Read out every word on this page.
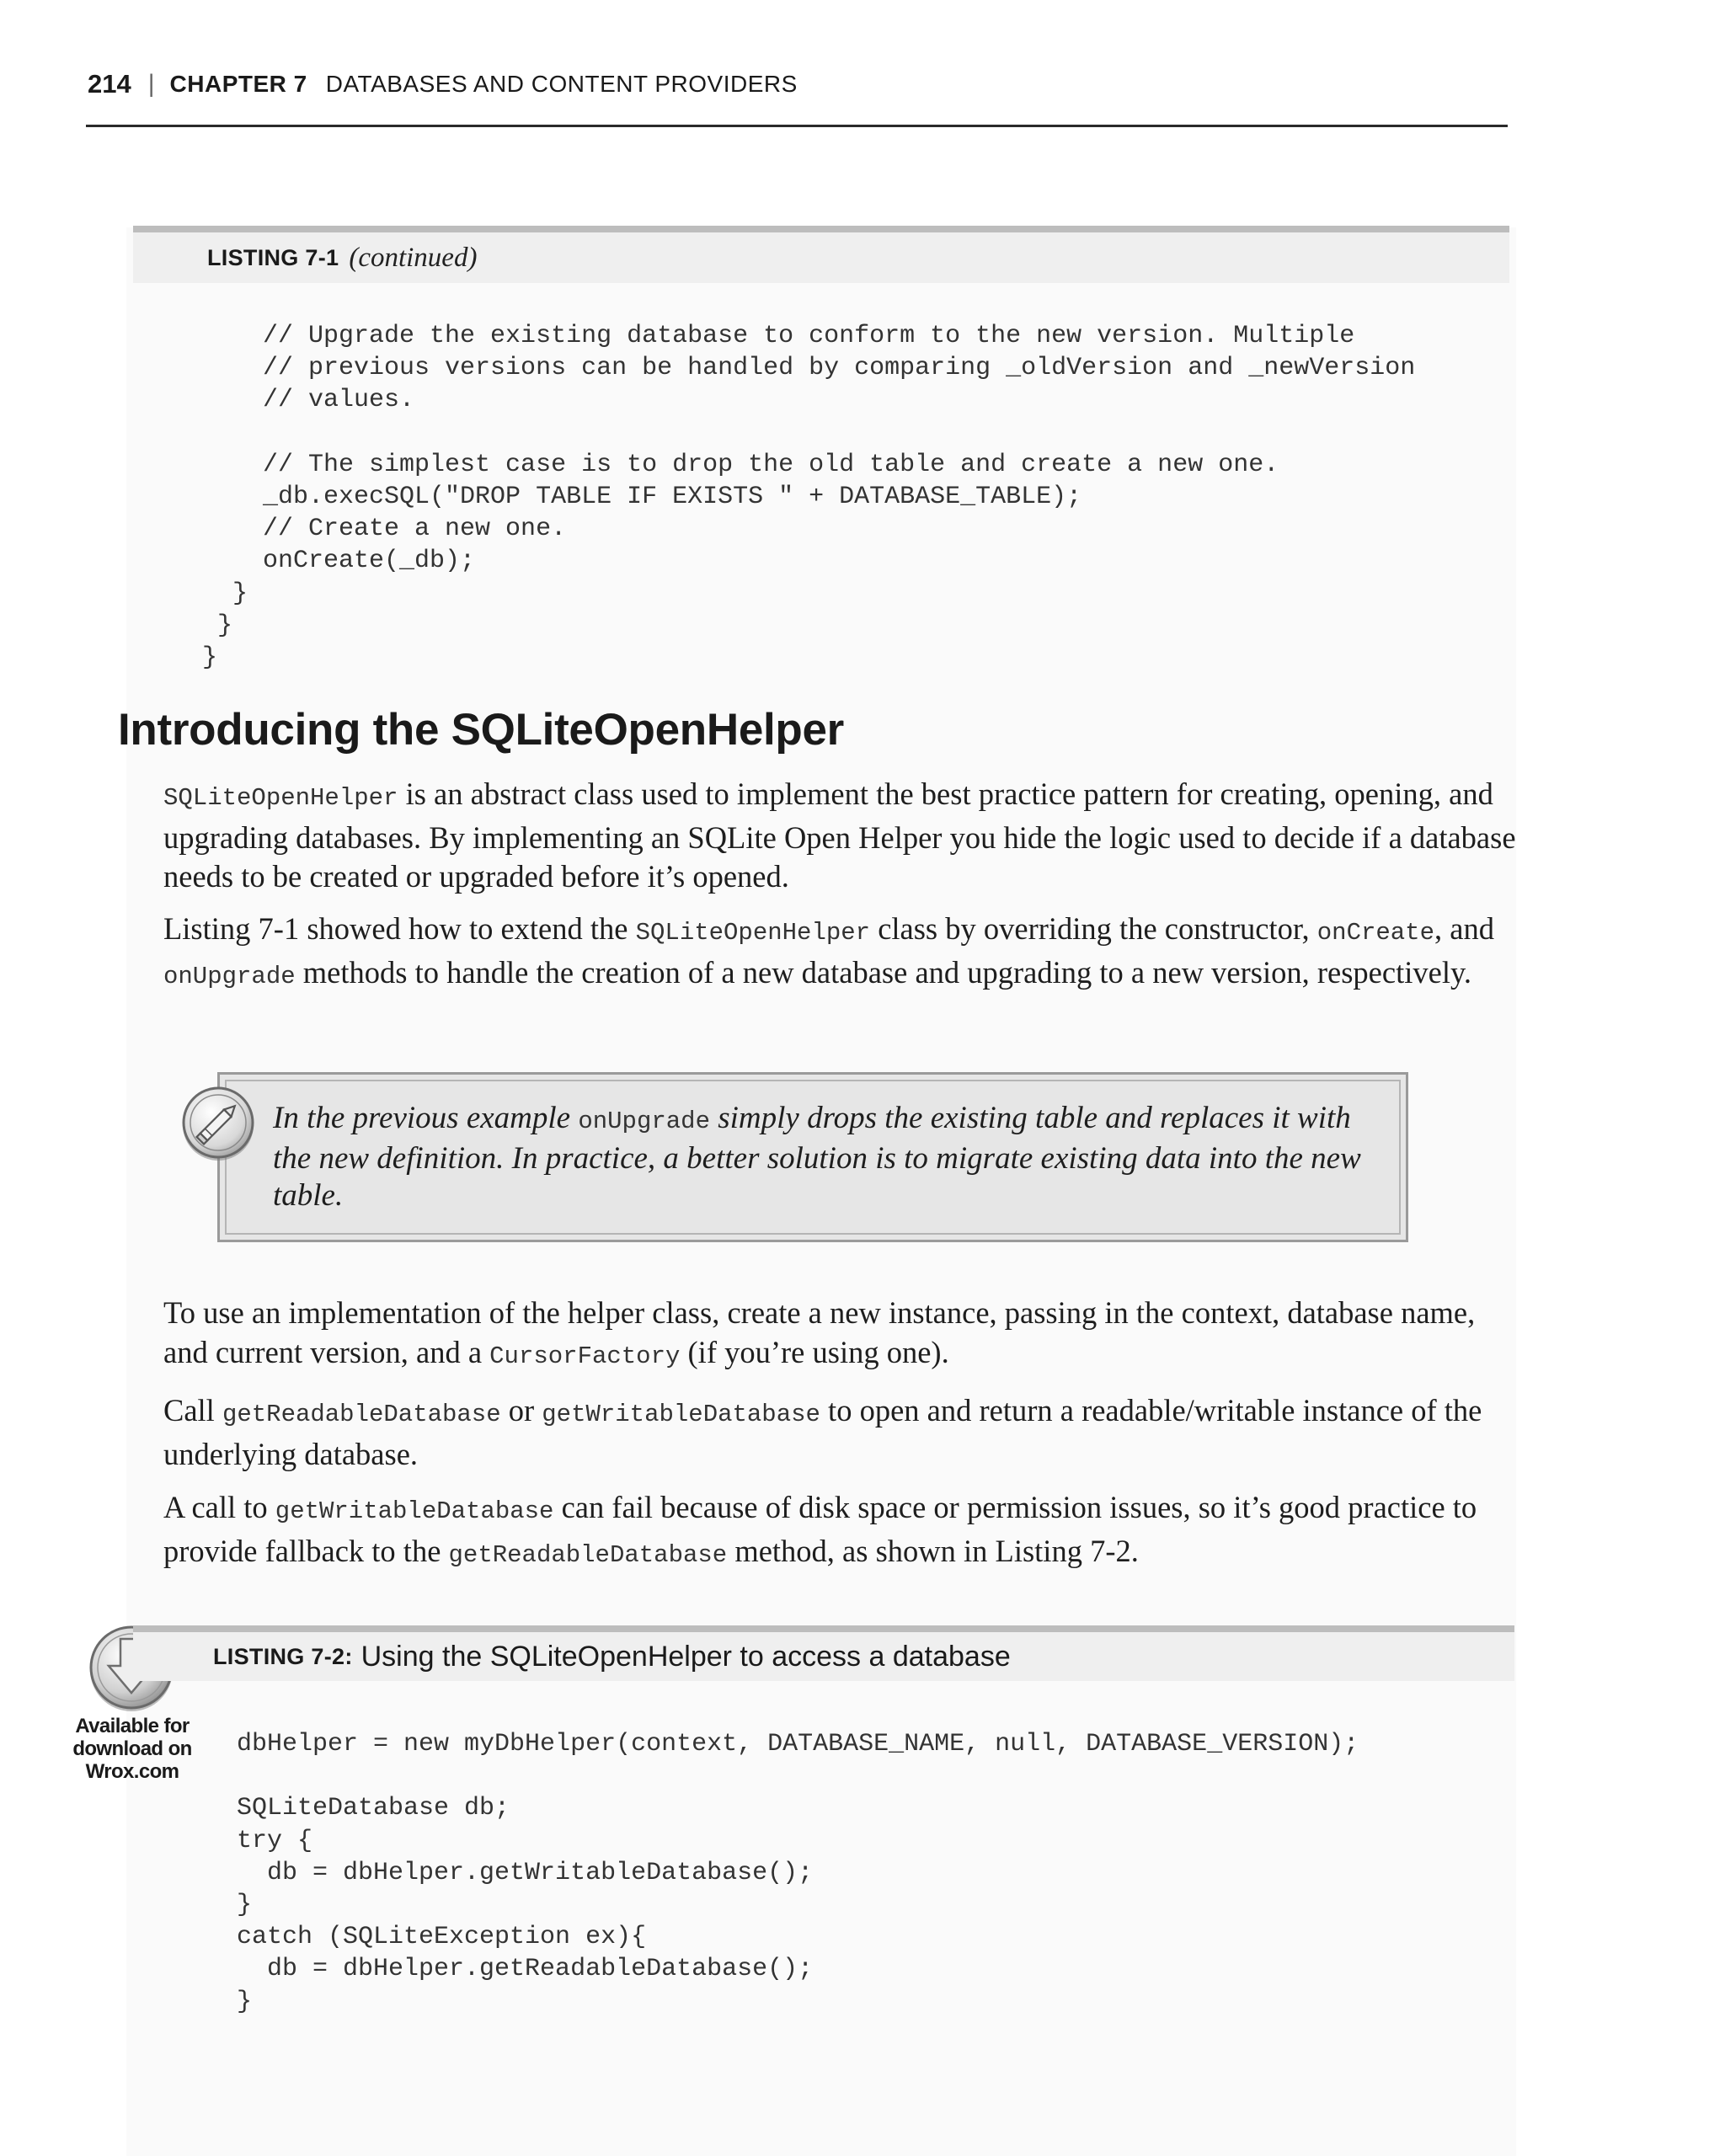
214 | CHAPTER 7 DATABASES AND CONTENT PROVIDERS
LISTING 7-1 (continued)
// Upgrade the existing database to conform to the new version. Multiple
// previous versions can be handled by comparing _oldVersion and _newVersion
// values.
// The simplest case is to drop the old table and create a new one.
_db.execSQL("DROP TABLE IF EXISTS " + DATABASE_TABLE);
// Create a new one.
onCreate(_db);
}
}
}
Introducing the SQLiteOpenHelper

SQLiteOpenHelper is an abstract class used to implement the best practice pattern for creating, opening, and upgrading databases. By implementing an SQLite Open Helper you hide the logic used to decide if a database needs to be created or upgraded before it’s opened.

Listing 7-1 showed how to extend the SQLiteOpenHelper class by overriding the constructor, onCreate, and onUpgrade methods to handle the creation of a new database and upgrading to a new version, respectively.

In the previous example onUpgrade simply drops the existing table and replaces it with the new definition. In practice, a better solution is to migrate existing data into the new table.

To use an implementation of the helper class, create a new instance, passing in the context, database name, and current version, and a CursorFactory (if you’re using one).

Call getReadableDatabase or getWritableDatabase to open and return a readable/writable instance of the underlying database.

A call to getWritableDatabase can fail because of disk space or permission issues, so it’s good practice to provide fallback to the getReadableDatabase method, as shown in Listing 7-2.

Available for
download on
Wrox.com
LISTING 7-2: Using the SQLiteOpenHelper to access a database
dbHelper = new myDbHelper(context, DATABASE_NAME, null, DATABASE_VERSION);
SQLiteDatabase db;
try {
db = dbHelper.getWritableDatabase();
}
catch (SQLiteException ex){
db = dbHelper.getReadableDatabase();
}
